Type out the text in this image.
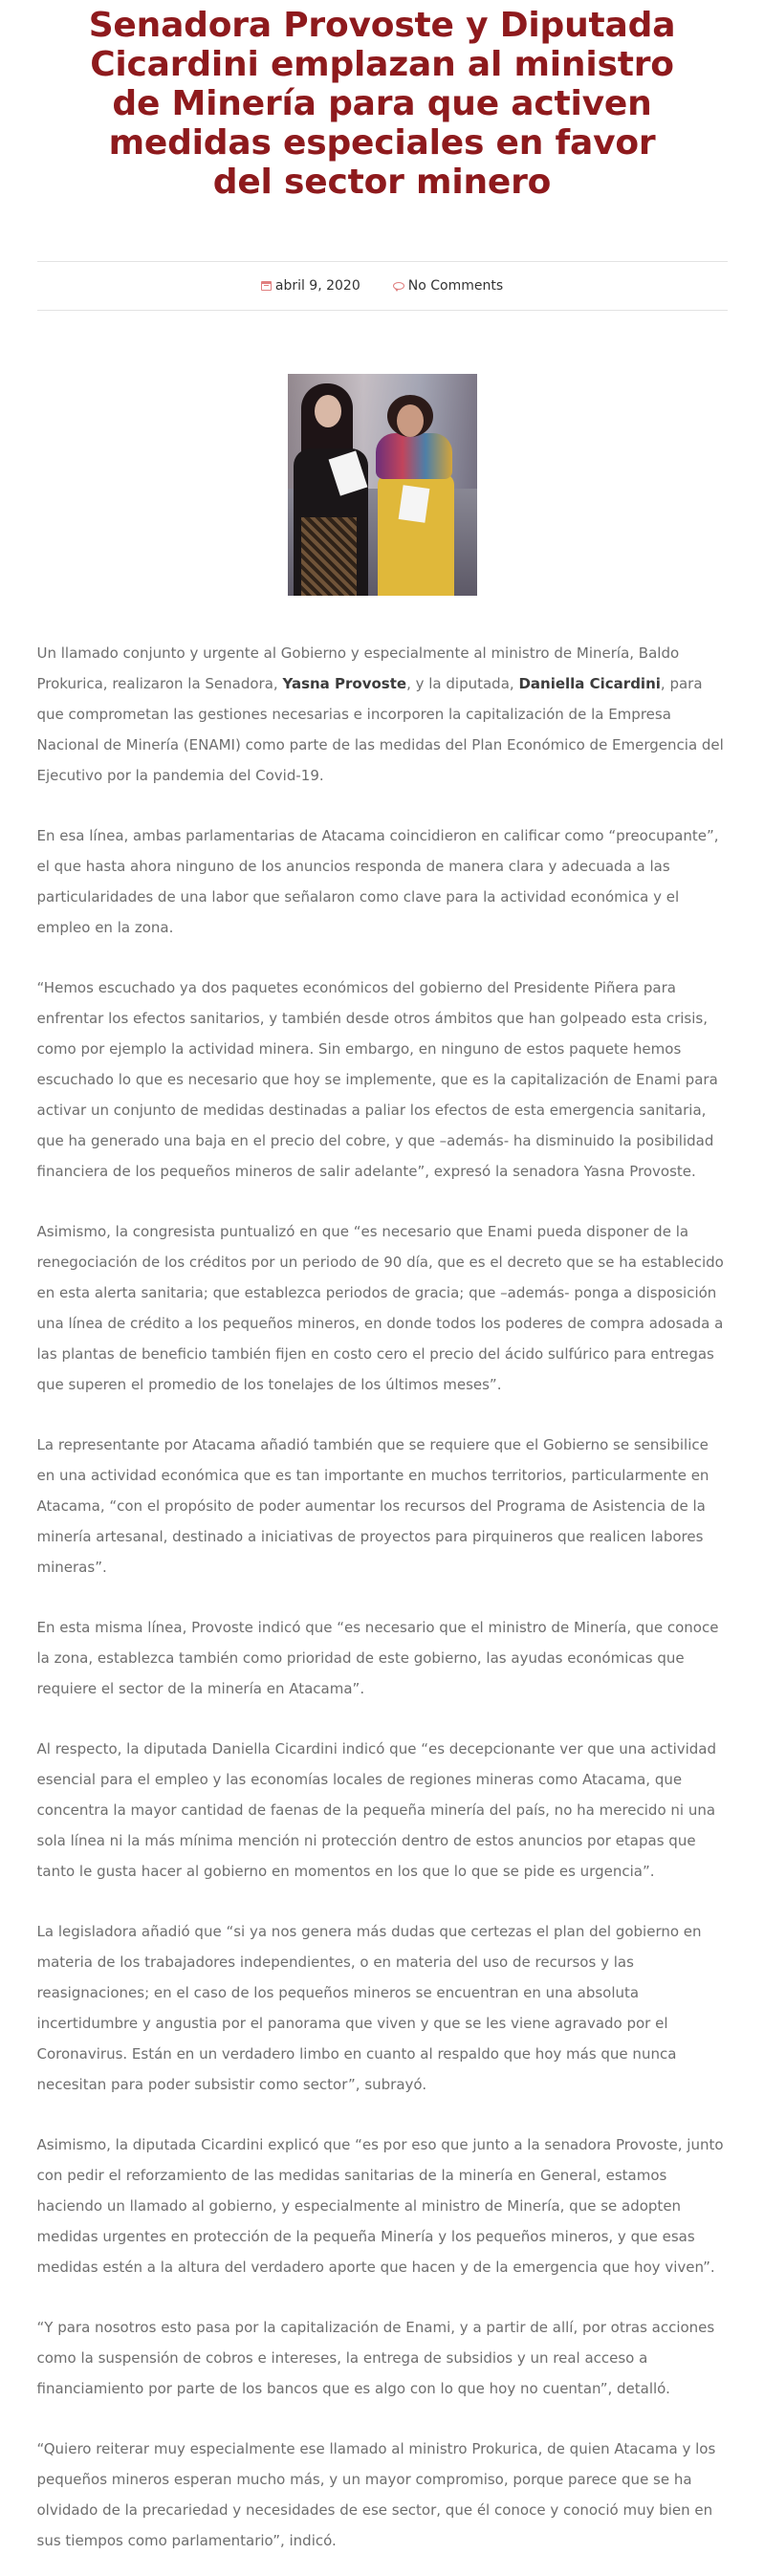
Senadora Provoste y Diputada Cicardini emplazan al ministro de Minería para que activen medidas especiales en favor del sector minero
abril 9, 2020	No Comments

Un llamado conjunto y urgente al Gobierno y especialmente al ministro de Minería, Baldo Prokurica, realizaron la Senadora, Yasna Provoste, y la diputada, Daniella Cicardini, para que comprometan las gestiones necesarias e incorporen la capitalización de la Empresa Nacional de Minería (ENAMI) como parte de las medidas del Plan Económico de Emergencia del Ejecutivo por la pandemia del Covid-19.

En esa línea, ambas parlamentarias de Atacama coincidieron en calificar como “preocupante”, el que hasta ahora ninguno de los anuncios responda de manera clara y adecuada a las particularidades de una labor que señalaron como clave para la actividad económica y el empleo en la zona.

“Hemos escuchado ya dos paquetes económicos del gobierno del Presidente Piñera para enfrentar los efectos sanitarios, y también desde otros ámbitos que han golpeado esta crisis, como por ejemplo la actividad minera. Sin embargo, en ninguno de estos paquete hemos escuchado lo que es necesario que hoy se implemente, que es la capitalización de Enami para activar un conjunto de medidas destinadas a paliar los efectos de esta emergencia sanitaria, que ha generado una baja en el precio del cobre, y que –además- ha disminuido la posibilidad financiera de los pequeños mineros de salir adelante”, expresó la senadora Yasna Provoste.

Asimismo, la congresista puntualizó en que “es necesario que Enami pueda disponer de la renegociación de los créditos por un periodo de 90 día, que es el decreto que se ha establecido en esta alerta sanitaria; que establezca periodos de gracia; que –además- ponga a disposición una línea de crédito a los pequeños mineros, en donde todos los poderes de compra adosada a las plantas de beneficio también fijen en costo cero el precio del ácido sulfúrico para entregas que superen el promedio de los tonelajes de los últimos meses”.

La representante por Atacama añadió también que se requiere que el Gobierno se sensibilice en una actividad económica que es tan importante en muchos territorios, particularmente en Atacama, “con el propósito de poder aumentar los recursos del Programa de Asistencia de la minería artesanal, destinado a iniciativas de proyectos para pirquineros que realicen labores mineras”.

En esta misma línea, Provoste indicó que “es necesario que el ministro de Minería, que conoce la zona, establezca también como prioridad de este gobierno, las ayudas económicas que requiere el sector de la minería en Atacama”.

Al respecto, la diputada Daniella Cicardini indicó que “es decepcionante ver que una actividad esencial para el empleo y las economías locales de regiones mineras como Atacama, que concentra la mayor cantidad de faenas de la pequeña minería del país, no ha merecido ni una sola línea ni la más mínima mención ni protección dentro de estos anuncios por etapas que tanto le gusta hacer al gobierno en momentos en los que lo que se pide es urgencia”.

La legisladora añadió que “si ya nos genera más dudas que certezas el plan del gobierno en materia de los trabajadores independientes, o en materia del uso de recursos y las reasignaciones; en el caso de los pequeños mineros se encuentran en una absoluta incertidumbre y angustia por el panorama que viven y que se les viene agravado por el Coronavirus. Están en un verdadero limbo en cuanto al respaldo que hoy más que nunca necesitan para poder subsistir como sector”, subrayó.

Asimismo, la diputada Cicardini explicó que “es por eso que junto a la senadora Provoste, junto con pedir el reforzamiento de las medidas sanitarias de la minería en General, estamos haciendo un llamado al gobierno, y especialmente al ministro de Minería, que se adopten medidas urgentes en protección de la pequeña Minería y los pequeños mineros, y que esas medidas estén a la altura del verdadero aporte que hacen y de la emergencia que hoy viven”.

“Y para nosotros esto pasa por la capitalización de Enami, y a partir de allí, por otras acciones como la suspensión de cobros e intereses, la entrega de subsidios y un real acceso a financiamiento por parte de los bancos que es algo con lo que hoy no cuentan”, detalló.

“Quiero reiterar muy especialmente ese llamado al ministro Prokurica, de quien Atacama y los pequeños mineros esperan mucho más, y un mayor compromiso, porque parece que se ha olvidado de la precariedad y necesidades de ese sector, que él conoce y conoció muy bien en sus tiempos como parlamentario”, indicó.
